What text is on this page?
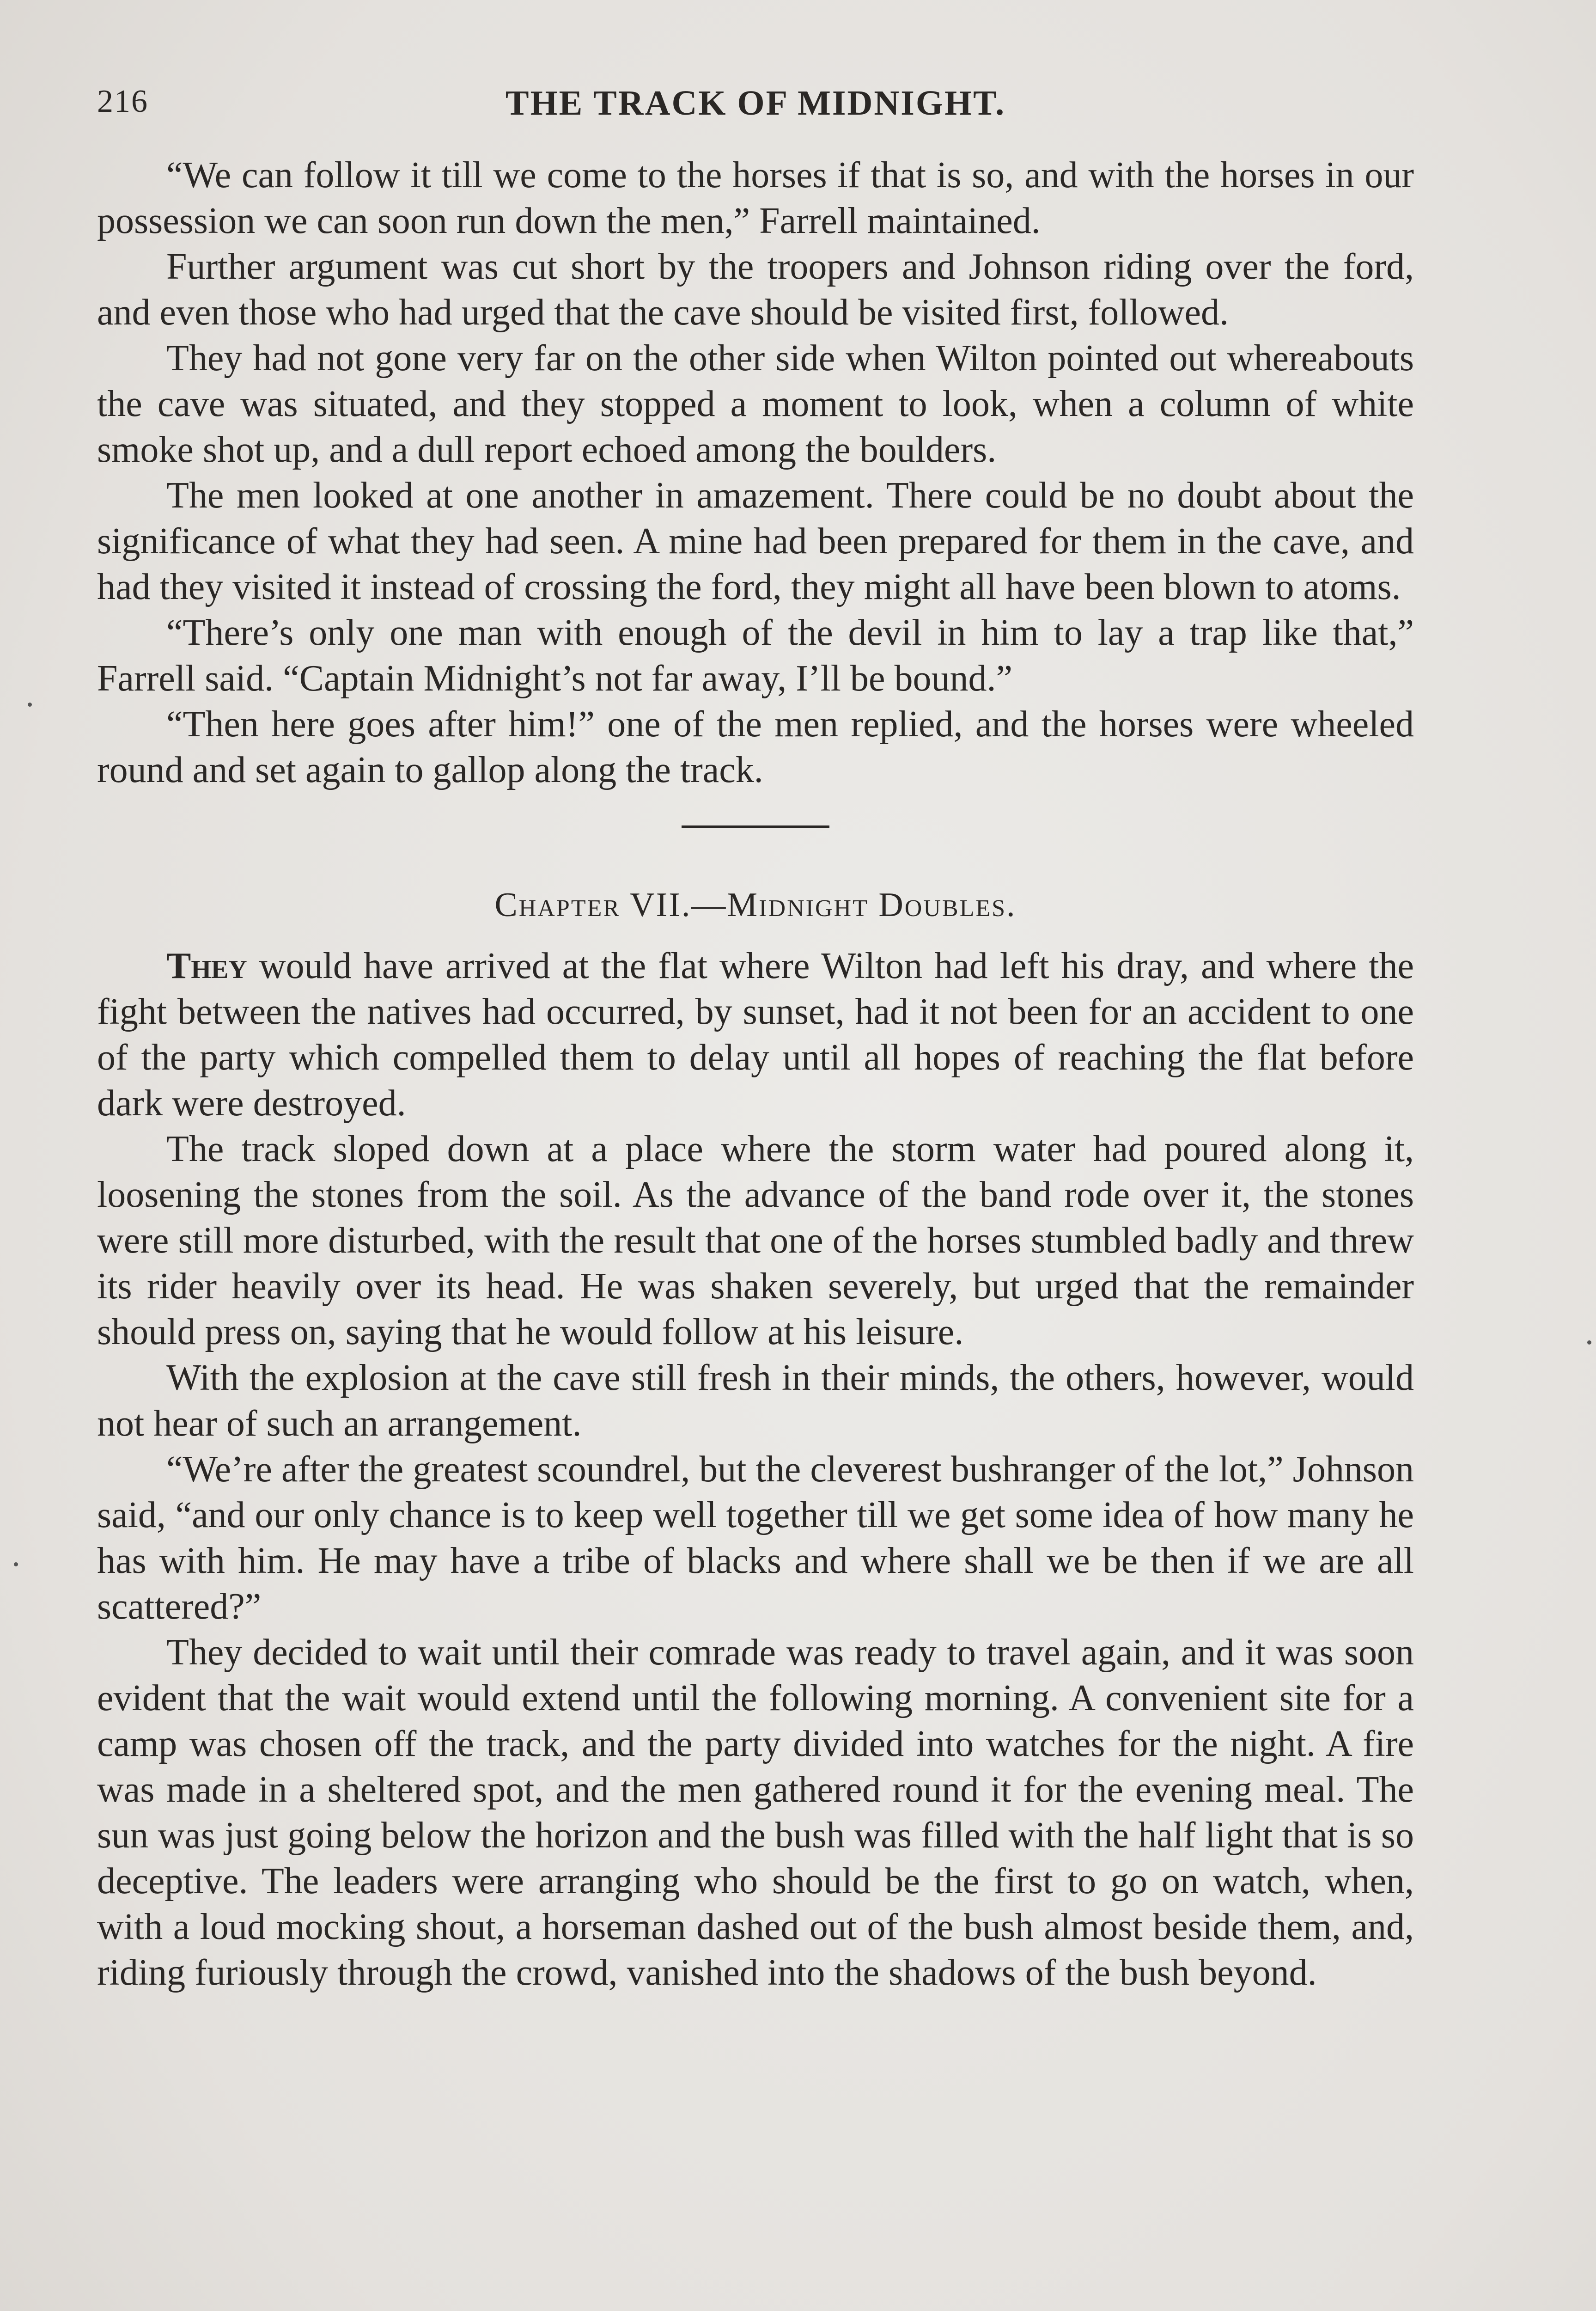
216	THE TRACK OF MIDNIGHT.

“We can follow it till we come to the horses if that is so, and with the horses in our possession we can soon run down the men,” Farrell maintained.

Further argument was cut short by the troopers and Johnson riding over the ford, and even those who had urged that the cave should be visited first, followed.

They had not gone very far on the other side when Wilton pointed out whereabouts the cave was situated, and they stopped a moment to look, when a column of white smoke shot up, and a dull report echoed among the boulders.

The men looked at one another in amazement. There could be no doubt about the significance of what they had seen. A mine had been prepared for them in the cave, and had they visited it instead of crossing the ford, they might all have been blown to atoms.

“There’s only one man with enough of the devil in him to lay a trap like that,” Farrell said. “Captain Midnight’s not far away, I’ll be bound.”

“Then here goes after him!” one of the men replied, and the horses were wheeled round and set again to gallop along the track.

Chapter VII.—Midnight Doubles.

They would have arrived at the flat where Wilton had left his dray, and where the fight between the natives had occurred, by sunset, had it not been for an accident to one of the party which compelled them to delay until all hopes of reaching the flat before dark were destroyed.

The track sloped down at a place where the storm water had poured along it, loosening the stones from the soil. As the advance of the band rode over it, the stones were still more disturbed, with the result that one of the horses stumbled badly and threw its rider heavily over its head. He was shaken severely, but urged that the remainder should press on, saying that he would follow at his leisure.

With the explosion at the cave still fresh in their minds, the others, however, would not hear of such an arrangement.

“We’re after the greatest scoundrel, but the cleverest bushranger of the lot,” Johnson said, “and our only chance is to keep well together till we get some idea of how many he has with him. He may have a tribe of blacks and where shall we be then if we are all scattered?”

They decided to wait until their comrade was ready to travel again, and it was soon evident that the wait would extend until the following morning. A convenient site for a camp was chosen off the track, and the party divided into watches for the night. A fire was made in a sheltered spot, and the men gathered round it for the evening meal. The sun was just going below the horizon and the bush was filled with the half light that is so deceptive. The leaders were arranging who should be the first to go on watch, when, with a loud mocking shout, a horseman dashed out of the bush almost beside them, and, riding furiously through the crowd, vanished into the shadows of the bush beyond.
